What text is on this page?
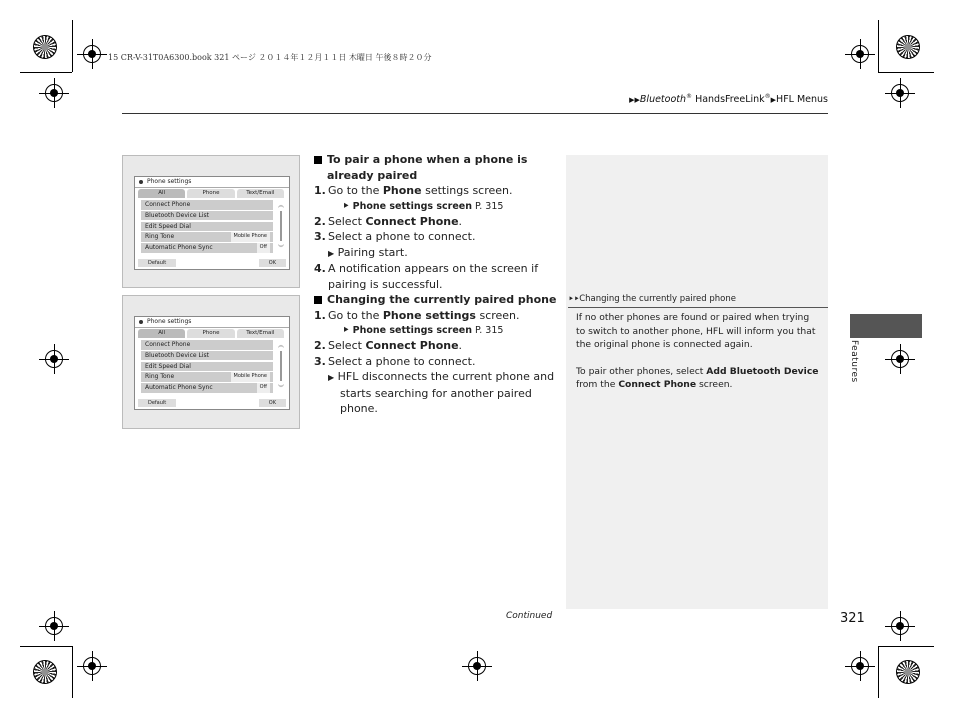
15 CR-V-31T0A6300.book 321 ページ ２０１４年１２月１１日 木曜日 午後８時２０分
▶▶Bluetooth® HandsFreeLink®▶HFL Menus
Phone settings
All	Phone	Text/Email
Connect Phone
Bluetooth Device List
Edit Speed Dial
Ring Tone	Mobile Phone
Automatic Phone Sync	Off
︽
︾
Default	OK
Phone settings
All	Phone	Text/Email
Connect Phone
Bluetooth Device List
Edit Speed Dial
Ring Tone	Mobile Phone
Automatic Phone Sync	Off
︽
︾
Default	OK
To pair a phone when a phone is already paired
1. Go to the Phone settings screen.
⯈ Phone settings screen P. 315
2. Select Connect Phone.
3. Select a phone to connect.
▶ Pairing start.
4. A notification appears on the screen if pairing is successful.
Changing the currently paired phone
1. Go to the Phone settings screen.
⯈ Phone settings screen P. 315
2. Select Connect Phone.
3. Select a phone to connect.
▶ HFL disconnects the current phone and starts searching for another paired phone.
⯈⯈Changing the currently paired phone

If no other phones are found or paired when trying to switch to another phone, HFL will inform you that the original phone is connected again.

To pair other phones, select Add Bluetooth Device from the Connect Phone screen.

Features
Continued	321
